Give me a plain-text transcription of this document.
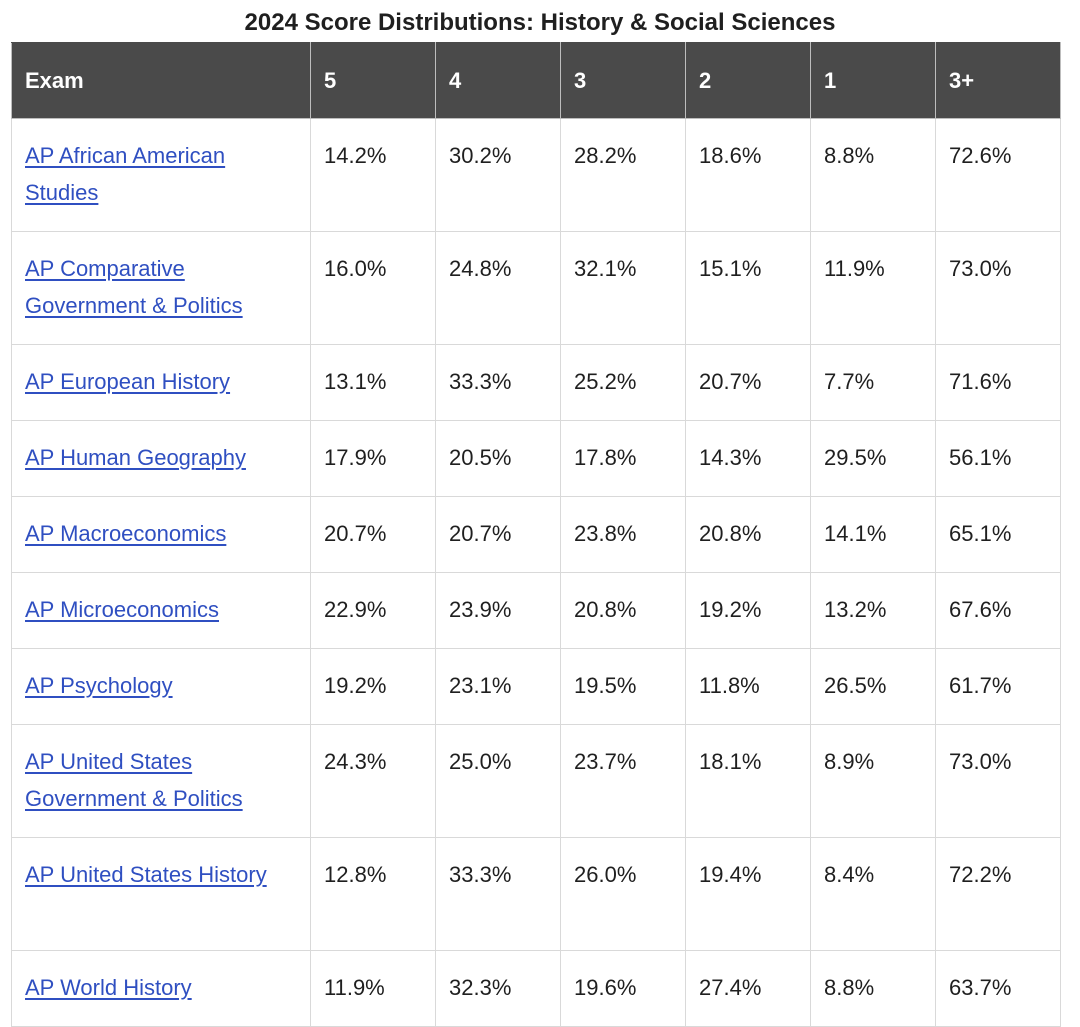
2024 Score Distributions: History & Social Sciences
Exam	5	4	3	2	1	3+
AP African American Studies	14.2%	30.2%	28.2%	18.6%	8.8%	72.6%
AP Comparative Government & Politics	16.0%	24.8%	32.1%	15.1%	11.9%	73.0%
AP European History	13.1%	33.3%	25.2%	20.7%	7.7%	71.6%
AP Human Geography	17.9%	20.5%	17.8%	14.3%	29.5%	56.1%
AP Macroeconomics	20.7%	20.7%	23.8%	20.8%	14.1%	65.1%
AP Microeconomics	22.9%	23.9%	20.8%	19.2%	13.2%	67.6%
AP Psychology	19.2%	23.1%	19.5%	11.8%	26.5%	61.7%
AP United States Government & Politics	24.3%	25.0%	23.7%	18.1%	8.9%	73.0%
AP United States History	12.8%	33.3%	26.0%	19.4%	8.4%	72.2%
AP World History	11.9%	32.3%	19.6%	27.4%	8.8%	63.7%
